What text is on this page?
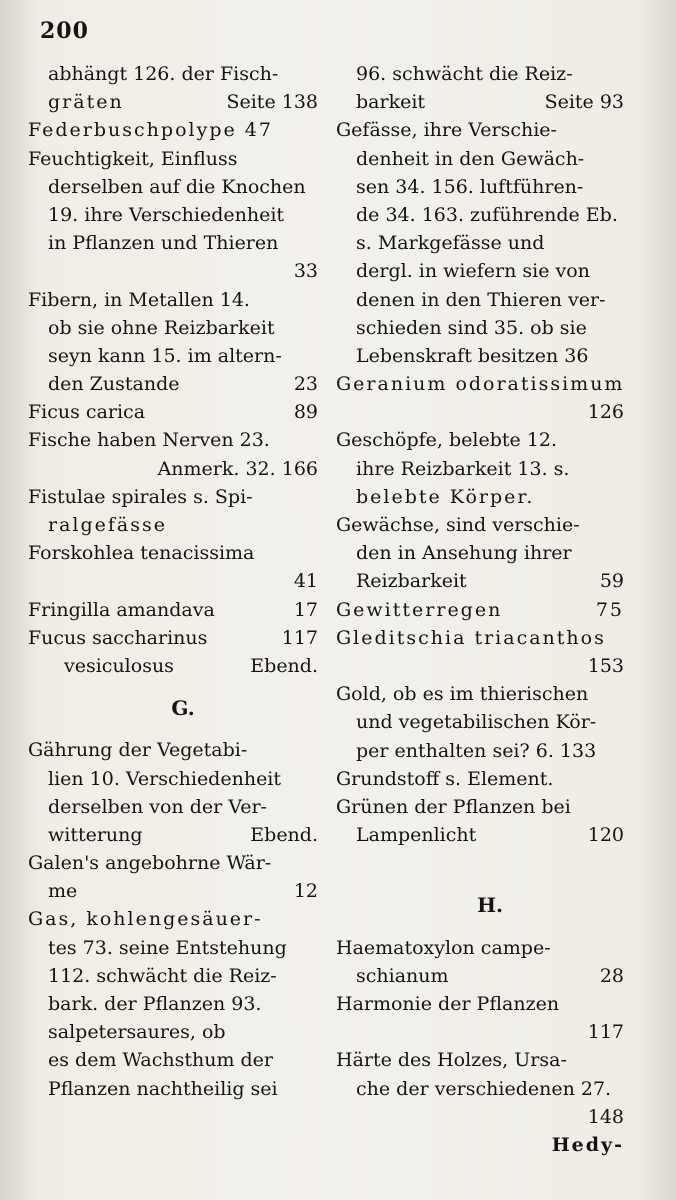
200
abhängt 126. der Fisch-
gräten	Seite 138
Federbuschpolype 47
Feuchtigkeit, Einfluss
derselben auf die Knochen
19. ihre Verschiedenheit
in Pflanzen und Thieren
33
Fibern, in Metallen 14.
ob sie ohne Reizbarkeit
seyn kann 15. im altern-
den Zustande	23
Ficus carica	89
Fische haben Nerven 23.
Anmerk. 32. 166
Fistulae spirales s. Spi-
ralgefässe
Forskohlea tenacissima
41
Fringilla amandava	17
Fucus saccharinus	117
vesiculosus	Ebend.
G.
Gährung der Vegetabi-
lien 10. Verschiedenheit
derselben von der Ver-
witterung	Ebend.
Galen's angebohrne Wär-
me	12
Gas, kohlengesäuer-
tes 73. seine Entstehung
112. schwächt die Reiz-
bark. der Pflanzen 93.
salpetersaures, ob
es dem Wachsthum der
Pflanzen nachtheilig sei
96. schwächt die Reiz-
barkeit	Seite 93
Gefässe, ihre Verschie-
denheit in den Gewäch-
sen 34. 156. luftführen-
de 34. 163. zuführende Eb.
s. Markgefässe und
dergl. in wiefern sie von
denen in den Thieren ver-
schieden sind 35. ob sie
Lebenskraft besitzen 36
Geranium odoratissimum
126
Geschöpfe, belebte 12.
ihre Reizbarkeit 13. s.
belebte Körper.
Gewächse, sind verschie-
den in Ansehung ihrer
Reizbarkeit	59
Gewitterregen	75
Gleditschia triacanthos
153
Gold, ob es im thierischen
und vegetabilischen Kör-
per enthalten sei? 6. 133
Grundstoff s. Element.
Grünen der Pflanzen bei
Lampenlicht	120
H.
Haematoxylon campe-
schianum	28
Harmonie der Pflanzen
117
Härte des Holzes, Ursa-
che der verschiedenen 27.
148
Hedy-
